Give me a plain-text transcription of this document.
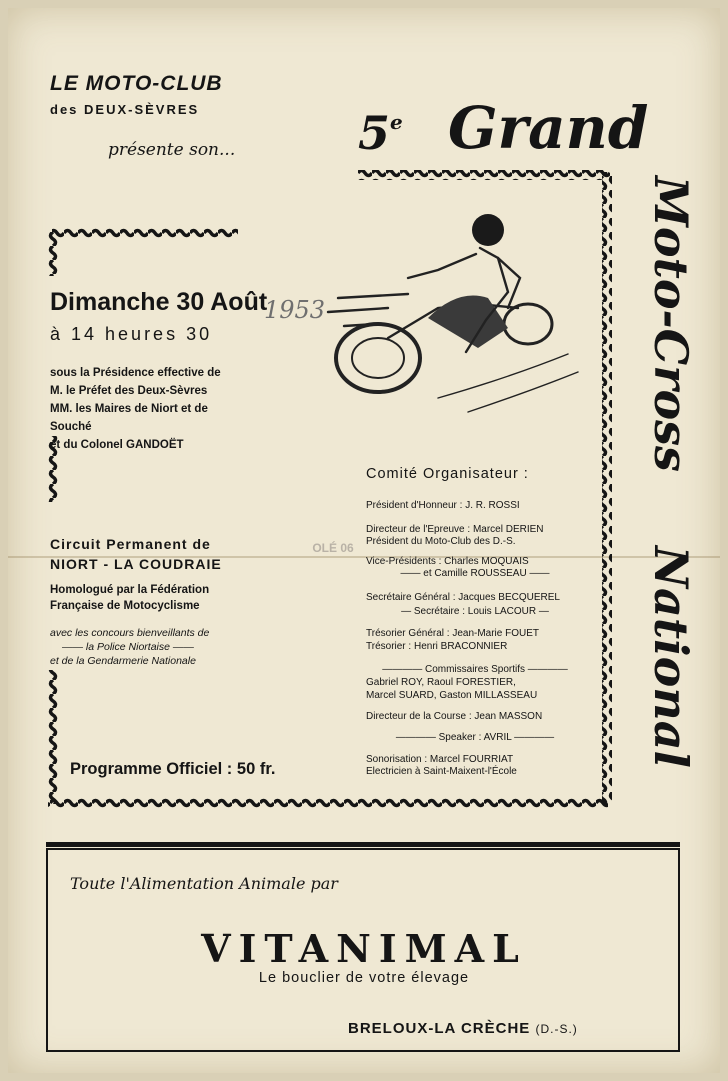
LE MOTO-CLUB
des DEUX-SÈVRES
présente son...	5e Grand
Moto-Cross
National
1953
Dimanche 30 Août
à 14 heures 30
sous la Présidence effective de
M. le Préfet des Deux-Sèvres
MM. les Maires de Niort et de Souché
et du Colonel GANDOËT
Circuit Permanent de
NIORT - LA COUDRAIE
Homologué par la Fédération
Française de Motocyclisme
avec les concours bienveillants de
—— la Police Niortaise ——
et de la Gendarmerie Nationale
Programme Officiel : 50 fr.
OLÉ 06
Comité Organisateur :
Président d'Honneur : J. R. ROSSI
Directeur de l'Epreuve : Marcel DERIEN
Président du Moto-Club des D.-S.
Vice-Présidents : Charles MOQUAIS
—— et Camille ROUSSEAU ——
Secrétaire Général : Jacques BECQUEREL
— Secrétaire : Louis LACOUR —
Trésorier Général : Jean-Marie FOUET
Trésorier : Henri BRACONNIER
———— Commissaires Sportifs ————
Gabriel ROY, Raoul FORESTIER,
Marcel SUARD, Gaston MILLASSEAU
Directeur de la Course : Jean MASSON
———— Speaker : AVRIL ————
Sonorisation : Marcel FOURRIAT
Electricien à Saint-Maixent-l'École
Toute l'Alimentation Animale par
VITANIMAL
Le bouclier de votre élevage
BRELOUX-LA CRÈCHE (D.-S.)
